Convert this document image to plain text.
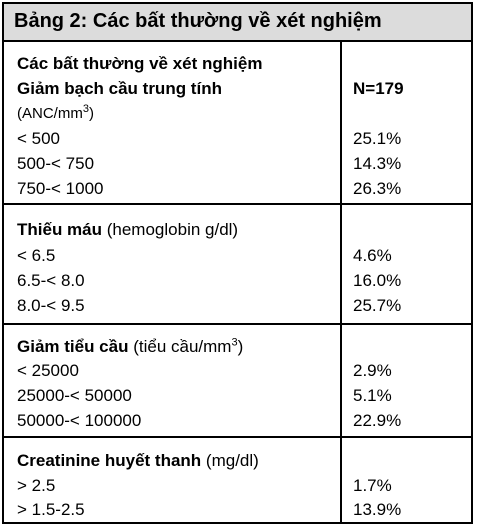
Bảng 2: Các bất thường về xét nghiệm
Các bất thường về xét nghiệm
Giảm bạch cầu trung tính	N=179
$(ANC/mm^3)$
< 500	25.1%
500-< 750	14.3%
750-< 1000	26.3%
Thiếu máu (hemoglobin g/dl)
< 6.5	4.6%
6.5-< 8.0	16.0%
8.0-< 9.5	25.7%
Giảm tiểu cầu (tiểu cầu/$mm^3$)
< 25000	2.9%
25000-< 50000	5.1%
50000-< 100000	22.9%
Creatinine huyết thanh (mg/dl)
> 2.5	1.7%
> 1.5-2.5	13.9%
